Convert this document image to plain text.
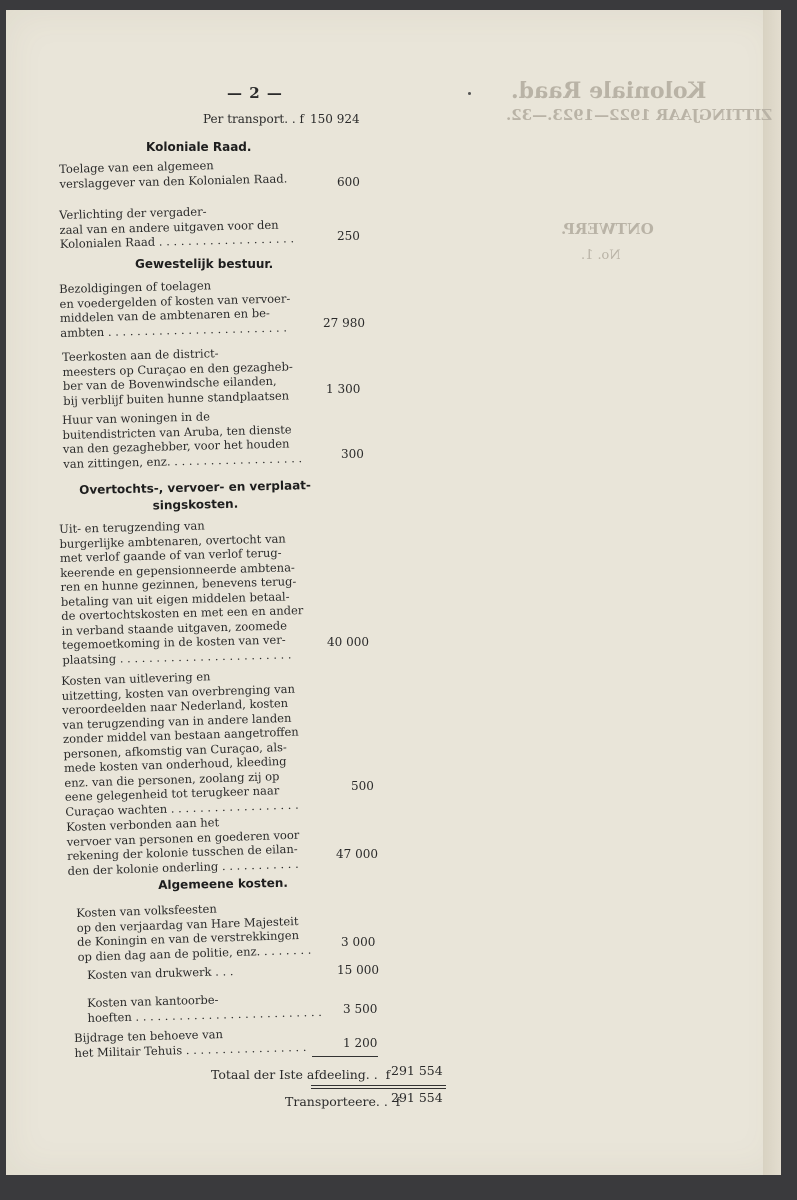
Koloniale Raad.
ZITTINGJAAR 1922—1923.—32.
ONTWERP.
No. 1.
— 2 —
Per transport. . f 150 924
Koloniale Raad.
Toelage van een algemeen
verslaggever van den Kolonialen Raad.	600
Verlichting der vergader-
zaal van en andere uitgaven voor den
Kolonialen Raad . . . . . . . . . . . . . . . . . . .	250
Gewestelijk bestuur.
Bezoldigingen of toelagen
en voedergelden of kosten van vervoer-
middelen van de ambtenaren en be-
ambten . . . . . . . . . . . . . . . . . . . . . . . . .	27 980
Teerkosten aan de district-
meesters op Curaçao en den gezagheb-
ber van de Bovenwindsche eilanden,
bij verblijf buiten hunne standplaatsen	1 300
Huur van woningen in de
buitendistricten van Aruba, ten dienste
van den gezaghebber, voor het houden
van zittingen, enz. . . . . . . . . . . . . . . . . . .	300
Overtochts-, vervoer- en verplaat-
singskosten.
Uit- en terugzending van
burgerlijke ambtenaren, overtocht van
met verlof gaande of van verlof terug-
keerende en gepensionneerde ambtena-
ren en hunne gezinnen, benevens terug-
betaling van uit eigen middelen betaal-
de overtochtskosten en met een en ander
in verband staande uitgaven, zoomede
tegemoetkoming in de kosten van ver-
plaatsing . . . . . . . . . . . . . . . . . . . . . . . .
40 000
Kosten van uitlevering en
uitzetting, kosten van overbrenging van
veroordeelden naar Nederland, kosten
van terugzending van in andere landen
zonder middel van bestaan aangetroffen
personen, afkomstig van Curaçao, als-
mede kosten van onderhoud, kleeding
enz. van die personen, zoolang zij op
eene gelegenheid tot terugkeer naar
Curaçao wachten . . . . . . . . . . . . . . . . . .
500
Kosten verbonden aan het
vervoer van personen en goederen voor
rekening der kolonie tusschen de eilan-
den der kolonie onderling . . . . . . . . . . .
47 000
Algemeene kosten.
Kosten van volksfeesten
op den verjaardag van Hare Majesteit
de Koningin en van de verstrekkingen
op dien dag aan de politie, enz. . . . . . . .
3 000
Kosten van drukwerk . . .	15 000
Kosten van kantoorbe-
hoeften . . . . . . . . . . . . . . . . . . . . . . . . . . 3 500
Bijdrage ten behoeve van
het Militair Tehuis . . . . . . . . . . . . . . . . .	1 200
Totaal der Iste afdeeling. .  f 291 554
Transporteere. .  f
291 554
